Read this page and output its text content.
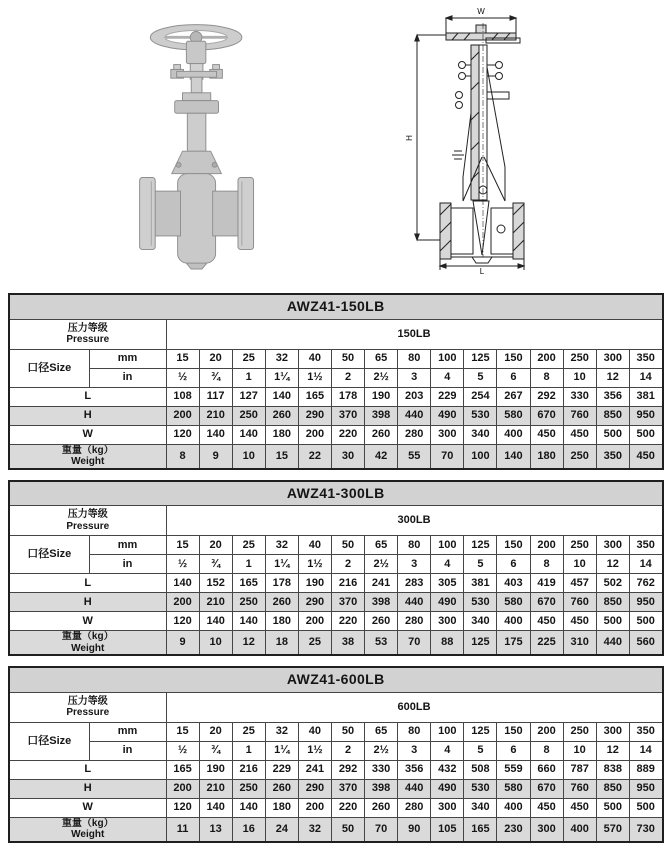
W
H
L
AWZ41-150LB																

压力等级
Pressure		150LB														
口径Size	mm	15	20	25	32	40	50	65	80	100	125	150	200	250	300	350
	in	½	¾	1	1¼	1½	2	2½	3	4	5	6	8	10	12	14
L		108	117	127	140	165	178	190	203	229	254	267	292	330	356	381
H		200	210	250	260	290	370	398	440	490	530	580	670	760	850	950
W		120	140	140	180	200	220	260	280	300	340	400	450	450	500	500

重量（kg）
Weight		8	9	10	15	22	30	42	55	70	100	140	180	250	350	450
AWZ41-300LB																

压力等级
Pressure		300LB														
口径Size	mm	15	20	25	32	40	50	65	80	100	125	150	200	250	300	350
	in	½	¾	1	1¼	1½	2	2½	3	4	5	6	8	10	12	14
L		140	152	165	178	190	216	241	283	305	381	403	419	457	502	762
H		200	210	250	260	290	370	398	440	490	530	580	670	760	850	950
W		120	140	140	180	200	220	260	280	300	340	400	450	450	500	500

重量（kg）
Weight		9	10	12	18	25	38	53	70	88	125	175	225	310	440	560
AWZ41-600LB																

压力等级
Pressure		600LB														
口径Size	mm	15	20	25	32	40	50	65	80	100	125	150	200	250	300	350
	in	½	¾	1	1¼	1½	2	2½	3	4	5	6	8	10	12	14
L		165	190	216	229	241	292	330	356	432	508	559	660	787	838	889
H		200	210	250	260	290	370	398	440	490	530	580	670	760	850	950
W		120	140	140	180	200	220	260	280	300	340	400	450	450	500	500

重量（kg）
Weight		11	13	16	24	32	50	70	90	105	165	230	300	400	570	730
